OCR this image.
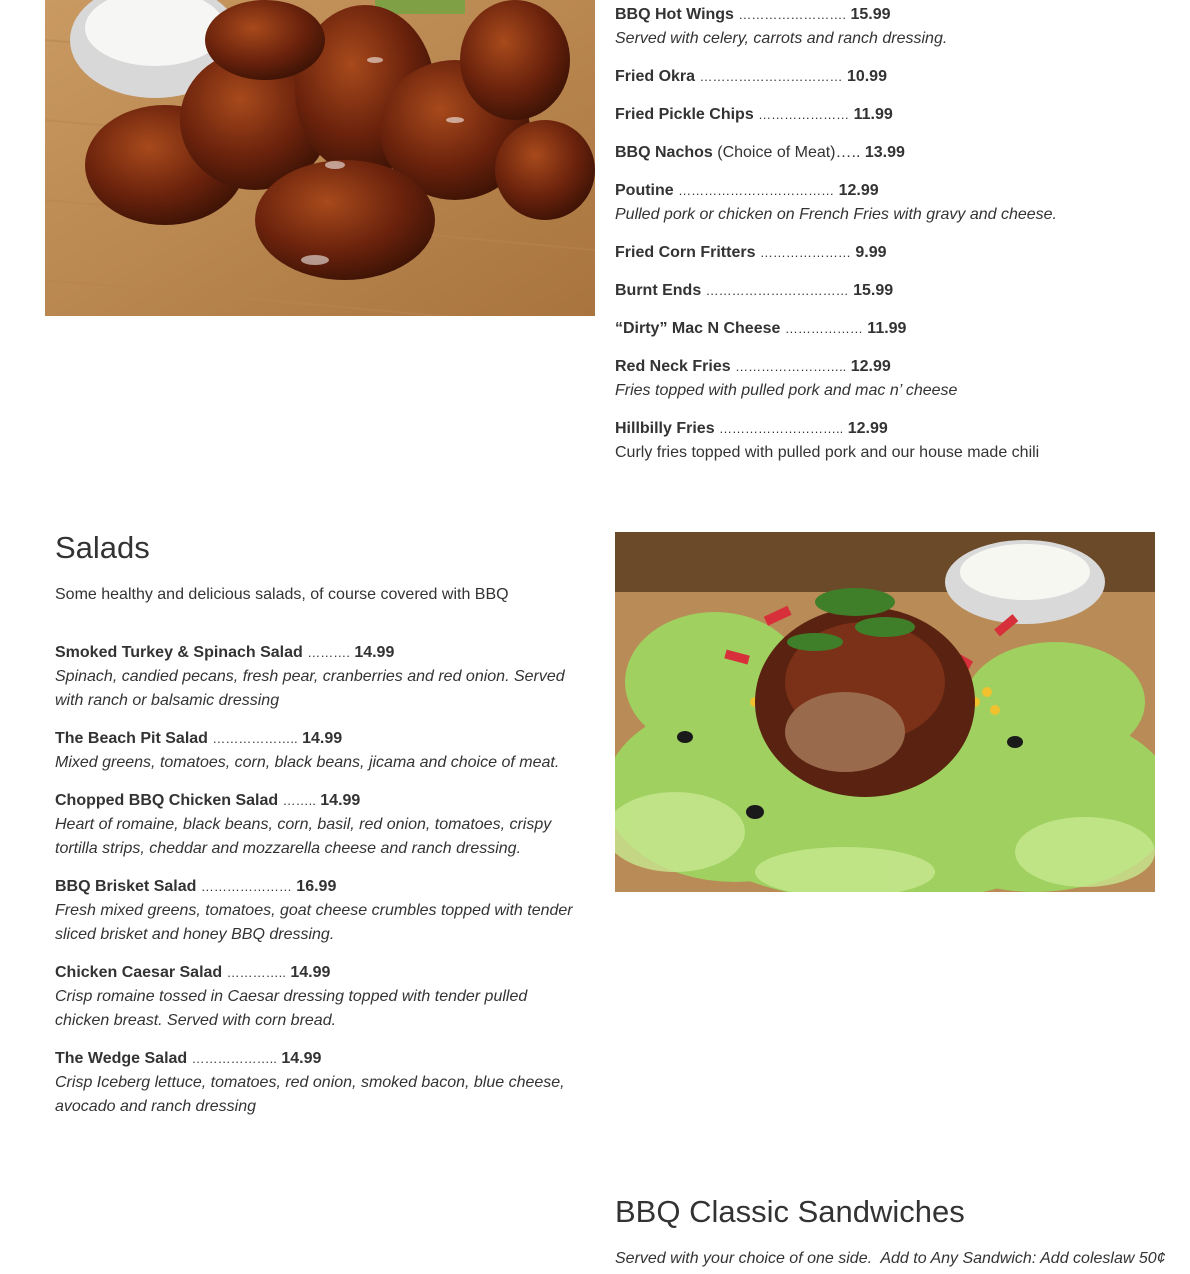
BBQ Hot Wings ……………………. 15.99
Served with celery, carrots and ranch dressing.
Fried Okra …………………………… 10.99
Fried Pickle Chips ………………… 11.99
BBQ Nachos (Choice of Meat)….. 13.99
Poutine ……………………………… 12.99
Pulled pork or chicken on French Fries with gravy and cheese.
Fried Corn Fritters ………………… 9.99
Burnt Ends …………………………… 15.99
“Dirty” Mac N Cheese ……………… 11.99
Red Neck Fries …………………….. 12.99
Fries topped with pulled pork and mac n’ cheese
Hillbilly Fries ……………………….. 12.99
Curly fries topped with pulled pork and our house made chili
Salads

Some healthy and delicious salads, of course covered with BBQ

Smoked Turkey & Spinach Salad ………. 14.99
Spinach, candied pecans, fresh pear, cranberries and red onion. Served with ranch or balsamic dressing
The Beach Pit Salad ……………….. 14.99
Mixed greens, tomatoes, corn, black beans, jicama and choice of meat.
Chopped BBQ Chicken Salad …….. 14.99
Heart of romaine, black beans, corn, basil, red onion, tomatoes, crispy tortilla strips, cheddar and mozzarella cheese and ranch dressing.
BBQ Brisket Salad ………………… 16.99
Fresh mixed greens, tomatoes, goat cheese crumbles topped with tender sliced brisket and honey BBQ dressing.
Chicken Caesar Salad ………….. 14.99
Crisp romaine tossed in Caesar dressing topped with tender pulled chicken breast. Served with corn bread.
The Wedge Salad ……………….. 14.99
Crisp Iceberg lettuce, tomatoes, red onion, smoked bacon, blue cheese, avocado and ranch dressing
BBQ Classic Sandwiches

Served with your choice of one side.  Add to Any Sandwich: Add coleslaw 50¢
